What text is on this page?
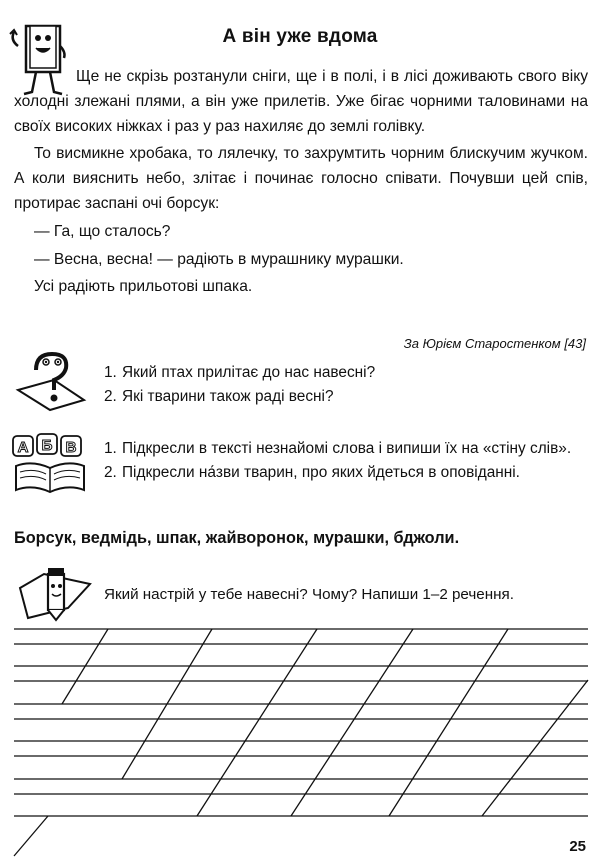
А він уже вдома

Ще не скрізь розтанули сніги, ще і в полі, і в лісі доживають свого віку холодні злежані плями, а він уже прилетів. Уже бігає чорними таловинами на своїх високих ніжках і раз у раз нахиляє до землі голівку.

То висмикне хробака, то лялечку, то захрумтить чорним блискучим жучком. А коли вияснить небо, злітає і починає голосно співати. Почувши цей спів, протирає заспані очі борсук:

— Га, що сталось?

— Весна, весна! — радіють в мурашнику мурашки.

Усі радіють прильотові шпака.

За Юрієм Старостенком [43]
1. Який птах прилітає до нас навесні?
2. Які тварини також раді весні?
А Б В 1. Підкресли в тексті незнайомі слова і випиши їх на «стіну слів».
2. Підкресли на́зви тварин, про яких йдеться в оповіданні.
Борсук, ведмідь, шпак, жайворонок, мурашки, бджоли.
Який настрій у тебе навесні? Чому? Напиши 1–2 речення.
25
